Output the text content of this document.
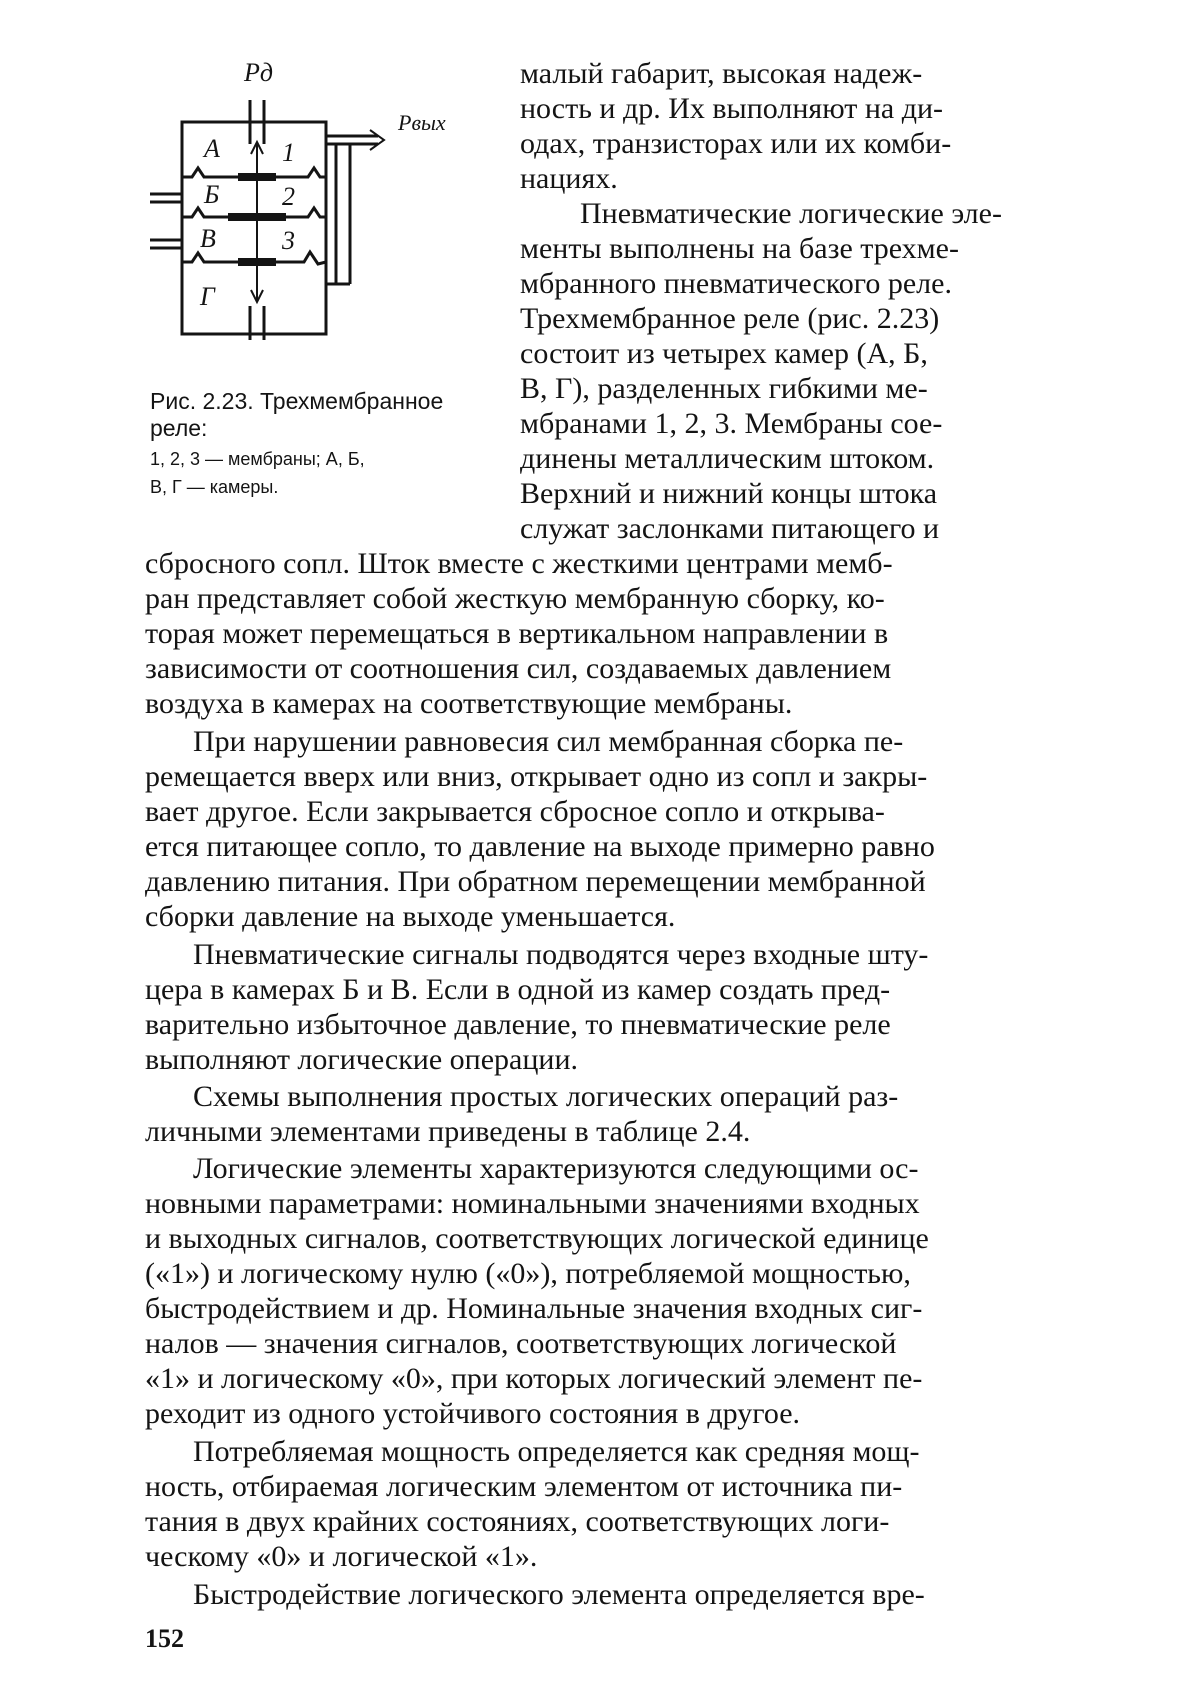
Pд
Pвых
А
Б
В
Г
1
2
3
Рис. 2.23. Трехмембранное
реле:
1, 2, 3 — мембраны; А, Б,
В, Г — камеры.
малый габарит, высокая надеж-
ность и др. Их выполняют на ди-
одах, транзисторах или их комби-
нациях.
Пневматические логические эле-
менты выполнены на базе трехме-
мбранного пневматического реле.
Трехмембранное реле (рис. 2.23)
состоит из четырех камер (А, Б,
В, Г), разделенных гибкими ме-
мбранами 1, 2, 3. Мембраны сое-
динены металлическим штоком.
Верхний и нижний концы штока
служат заслонками питающего и
сбросного сопл. Шток вместе с жесткими центрами мемб-
ран представляет собой жесткую мембранную сборку, ко-
торая может перемещаться в вертикальном направлении в
зависимости от соотношения сил, создаваемых давлением
воздуха в камерах на соответствующие мембраны.
При нарушении равновесия сил мембранная сборка пе-
ремещается вверх или вниз, открывает одно из сопл и закры-
вает другое. Если закрывается сбросное сопло и открыва-
ется питающее сопло, то давление на выходе примерно равно
давлению питания. При обратном перемещении мембранной
сборки давление на выходе уменьшается.
Пневматические сигналы подводятся через входные шту-
цера в камерах Б и В. Если в одной из камер создать пред-
варительно избыточное давление, то пневматические реле
выполняют логические операции.
Схемы выполнения простых логических операций раз-
личными элементами приведены в таблице 2.4.
Логические элементы характеризуются следующими ос-
новными параметрами: номинальными значениями входных
и выходных сигналов, соответствующих логической единице
(«1») и логическому нулю («0»), потребляемой мощностью,
быстродействием и др. Номинальные значения входных сиг-
налов — значения сигналов, соответствующих логической
«1» и логическому «0», при которых логический элемент пе-
реходит из одного устойчивого состояния в другое.
Потребляемая мощность определяется как средняя мощ-
ность, отбираемая логическим элементом от источника пи-
тания в двух крайних состояниях, соответствующих логи-
ческому «0» и логической «1».
Быстродействие логического элемента определяется вре-
152
